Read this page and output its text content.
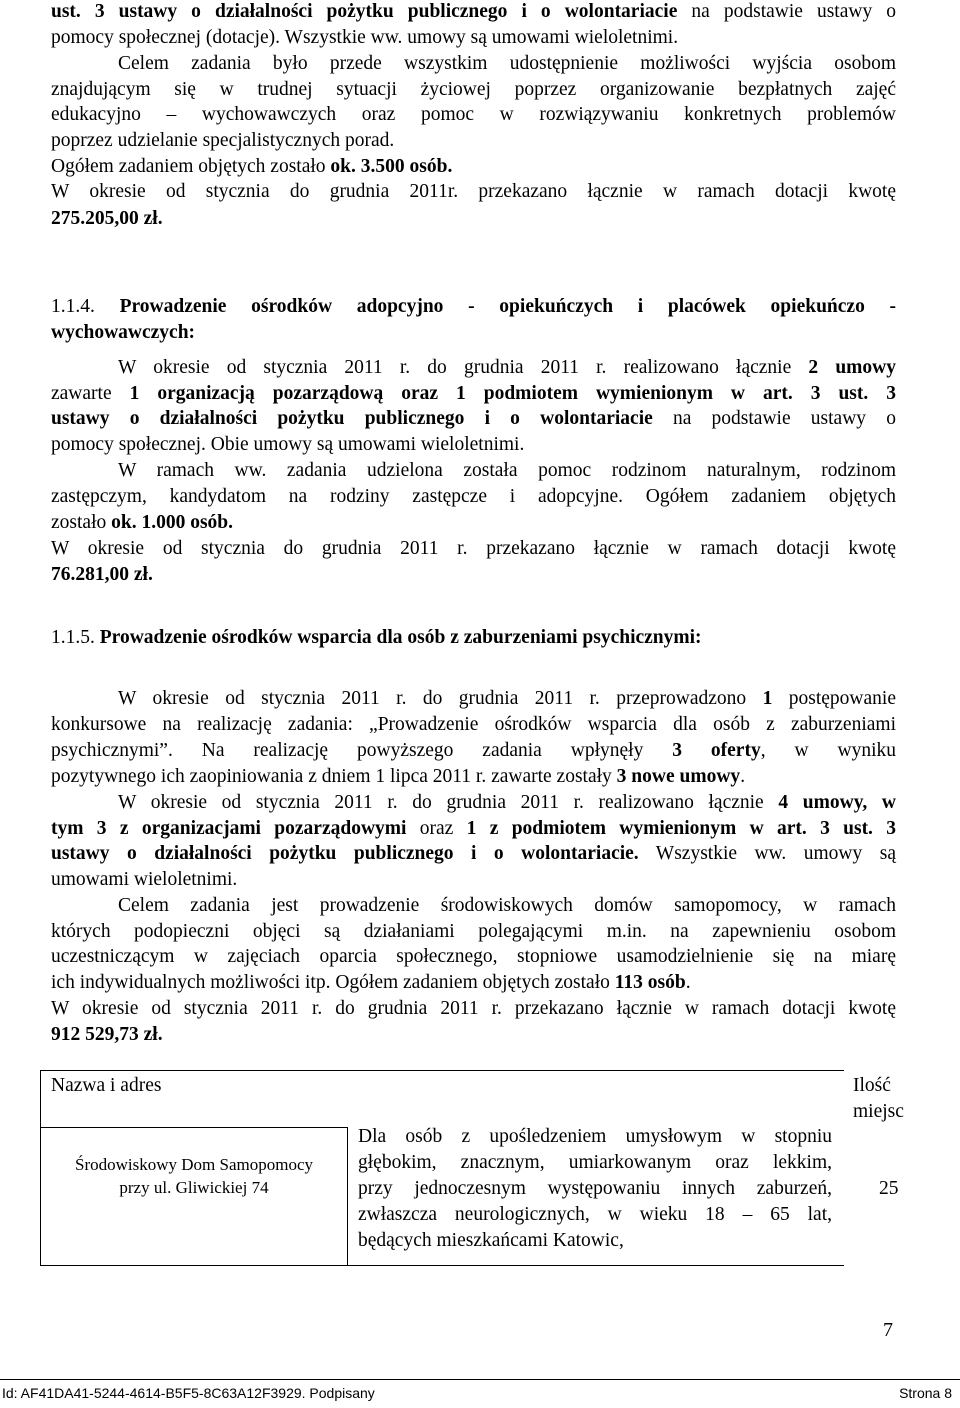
ust. 3 ustawy o działalności pożytku publicznego i o wolontariacie na podstawie ustawy o
pomocy społecznej (dotacje). Wszystkie ww. umowy są umowami wieloletnimi.
Celem zadania było przede wszystkim udostępnienie możliwości wyjścia osobom
znajdującym się w trudnej sytuacji życiowej poprzez organizowanie bezpłatnych zajęć
edukacyjno – wychowawczych oraz pomoc w rozwiązywaniu konkretnych problemów
poprzez udzielanie specjalistycznych porad.
Ogółem zadaniem objętych zostało ok. 3.500 osób.
W okresie od stycznia do grudnia 2011r. przekazano łącznie w ramach dotacji kwotę
275.205,00 zł.
1.1.4. Prowadzenie ośrodków adopcyjno - opiekuńczych i placówek opiekuńczo -
wychowawczych:
W okresie od stycznia 2011 r. do grudnia 2011 r. realizowano łącznie 2 umowy
zawarte 1 organizacją pozarządową oraz 1 podmiotem wymienionym w art. 3 ust. 3
ustawy o działalności pożytku publicznego i o wolontariacie na podstawie ustawy o
pomocy społecznej. Obie umowy są umowami wieloletnimi.
W ramach ww. zadania udzielona została pomoc rodzinom naturalnym, rodzinom
zastępczym, kandydatom na rodziny zastępcze i adopcyjne. Ogółem zadaniem objętych
zostało ok. 1.000 osób.
W okresie od stycznia do grudnia 2011 r. przekazano łącznie w ramach dotacji kwotę
76.281,00 zł.
1.1.5. Prowadzenie ośrodków wsparcia dla osób z zaburzeniami psychicznymi:
W okresie od stycznia 2011 r. do grudnia 2011 r. przeprowadzono 1 postępowanie
konkursowe na realizację zadania: „Prowadzenie ośrodków wsparcia dla osób z zaburzeniami
psychicznymi”. Na realizację powyższego zadania wpłynęły 3 oferty, w wyniku
pozytywnego ich zaopiniowania z dniem 1 lipca 2011 r. zawarte zostały 3 nowe umowy.
W okresie od stycznia 2011 r. do grudnia 2011 r. realizowano łącznie 4 umowy, w
tym 3 z organizacjami pozarządowymi oraz 1 z podmiotem wymienionym w art. 3 ust. 3
ustawy o działalności pożytku publicznego i o wolontariacie. Wszystkie ww. umowy są
umowami wieloletnimi.
Celem zadania jest prowadzenie środowiskowych domów samopomocy, w ramach
których podopieczni objęci są działaniami polegającymi m.in. na zapewnieniu osobom
uczestniczącym w zajęciach oparcia społecznego, stopniowe usamodzielnienie się na miarę
ich indywidualnych możliwości itp. Ogółem zadaniem objętych zostało 113 osób.
W okresie od stycznia 2011 r. do grudnia 2011 r. przekazano łącznie w ramach dotacji kwotę
912 529,73 zł.
Nazwa i adres	Ilość
miejsc
Środowiskowy Dom Samopomocy
przy ul. Gliwickiej 74
Dla osób z upośledzeniem umysłowym w stopniu
głębokim, znacznym, umiarkowanym oraz lekkim,
przy jednoczesnym występowaniu innych zaburzeń,
zwłaszcza neurologicznych, w wieku 18 – 65 lat,
będących mieszkańcami Katowic,
25
7
Id: AF41DA41-5244-4614-B5F5-8C63A12F3929. Podpisany	Strona 8
